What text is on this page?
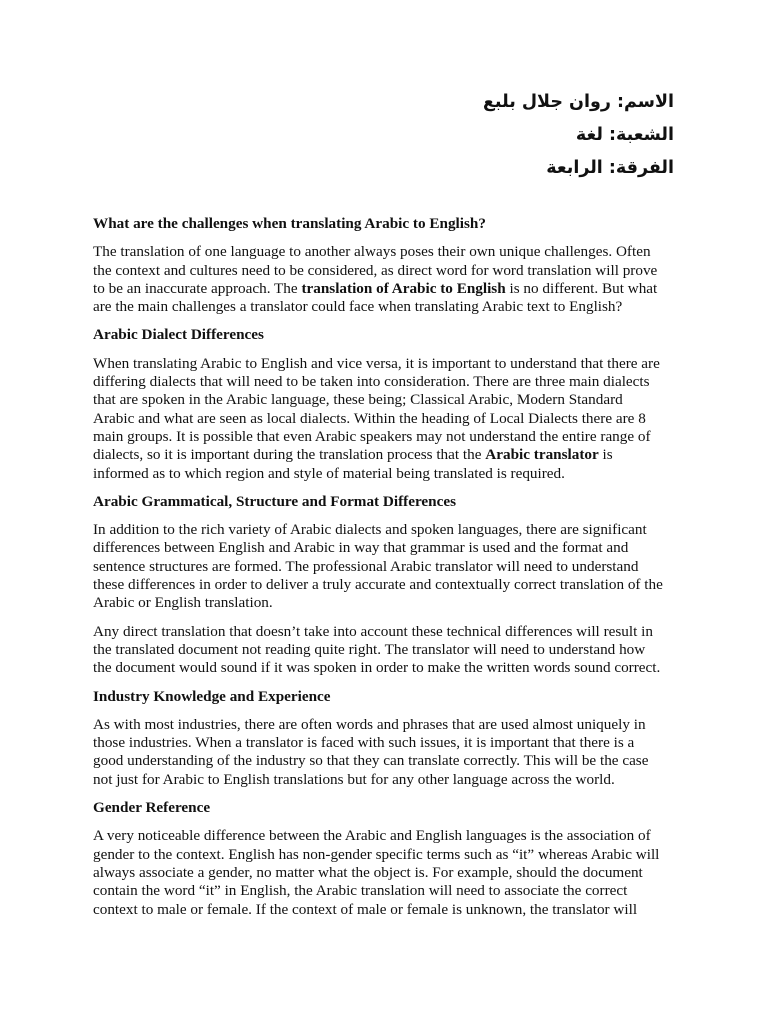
الاسم: روان جلال بلبع
الشعبة: لغة
الفرقة: الرابعة
What are the challenges when translating Arabic to English?
The translation of one language to another always poses their own unique challenges. Often
the context and cultures need to be considered, as direct word for word translation will prove
to be an inaccurate approach. The translation of Arabic to English is no different. But what
are the main challenges a translator could face when translating Arabic text to English?
Arabic Dialect Differences
When translating Arabic to English and vice versa, it is important to understand that there are
differing dialects that will need to be taken into consideration. There are three main dialects
that are spoken in the Arabic language, these being; Classical Arabic, Modern Standard
Arabic and what are seen as local dialects. Within the heading of Local Dialects there are 8
main groups. It is possible that even Arabic speakers may not understand the entire range of
dialects, so it is important during the translation process that the Arabic translator is
informed as to which region and style of material being translated is required.
Arabic Grammatical, Structure and Format Differences
In addition to the rich variety of Arabic dialects and spoken languages, there are significant
differences between English and Arabic in way that grammar is used and the format and
sentence structures are formed. The professional Arabic translator will need to understand
these differences in order to deliver a truly accurate and contextually correct translation of the
Arabic or English translation.
Any direct translation that doesn’t take into account these technical differences will result in
the translated document not reading quite right. The translator will need to understand how
the document would sound if it was spoken in order to make the written words sound correct.
Industry Knowledge and Experience
As with most industries, there are often words and phrases that are used almost uniquely in
those industries. When a translator is faced with such issues, it is important that there is a
good understanding of the industry so that they can translate correctly. This will be the case
not just for Arabic to English translations but for any other language across the world.
Gender Reference
A very noticeable difference between the Arabic and English languages is the association of
gender to the context. English has non-gender specific terms such as “it” whereas Arabic will
always associate a gender, no matter what the object is. For example, should the document
contain the word “it” in English, the Arabic translation will need to associate the correct
context to male or female. If the context of male or female is unknown, the translator will
